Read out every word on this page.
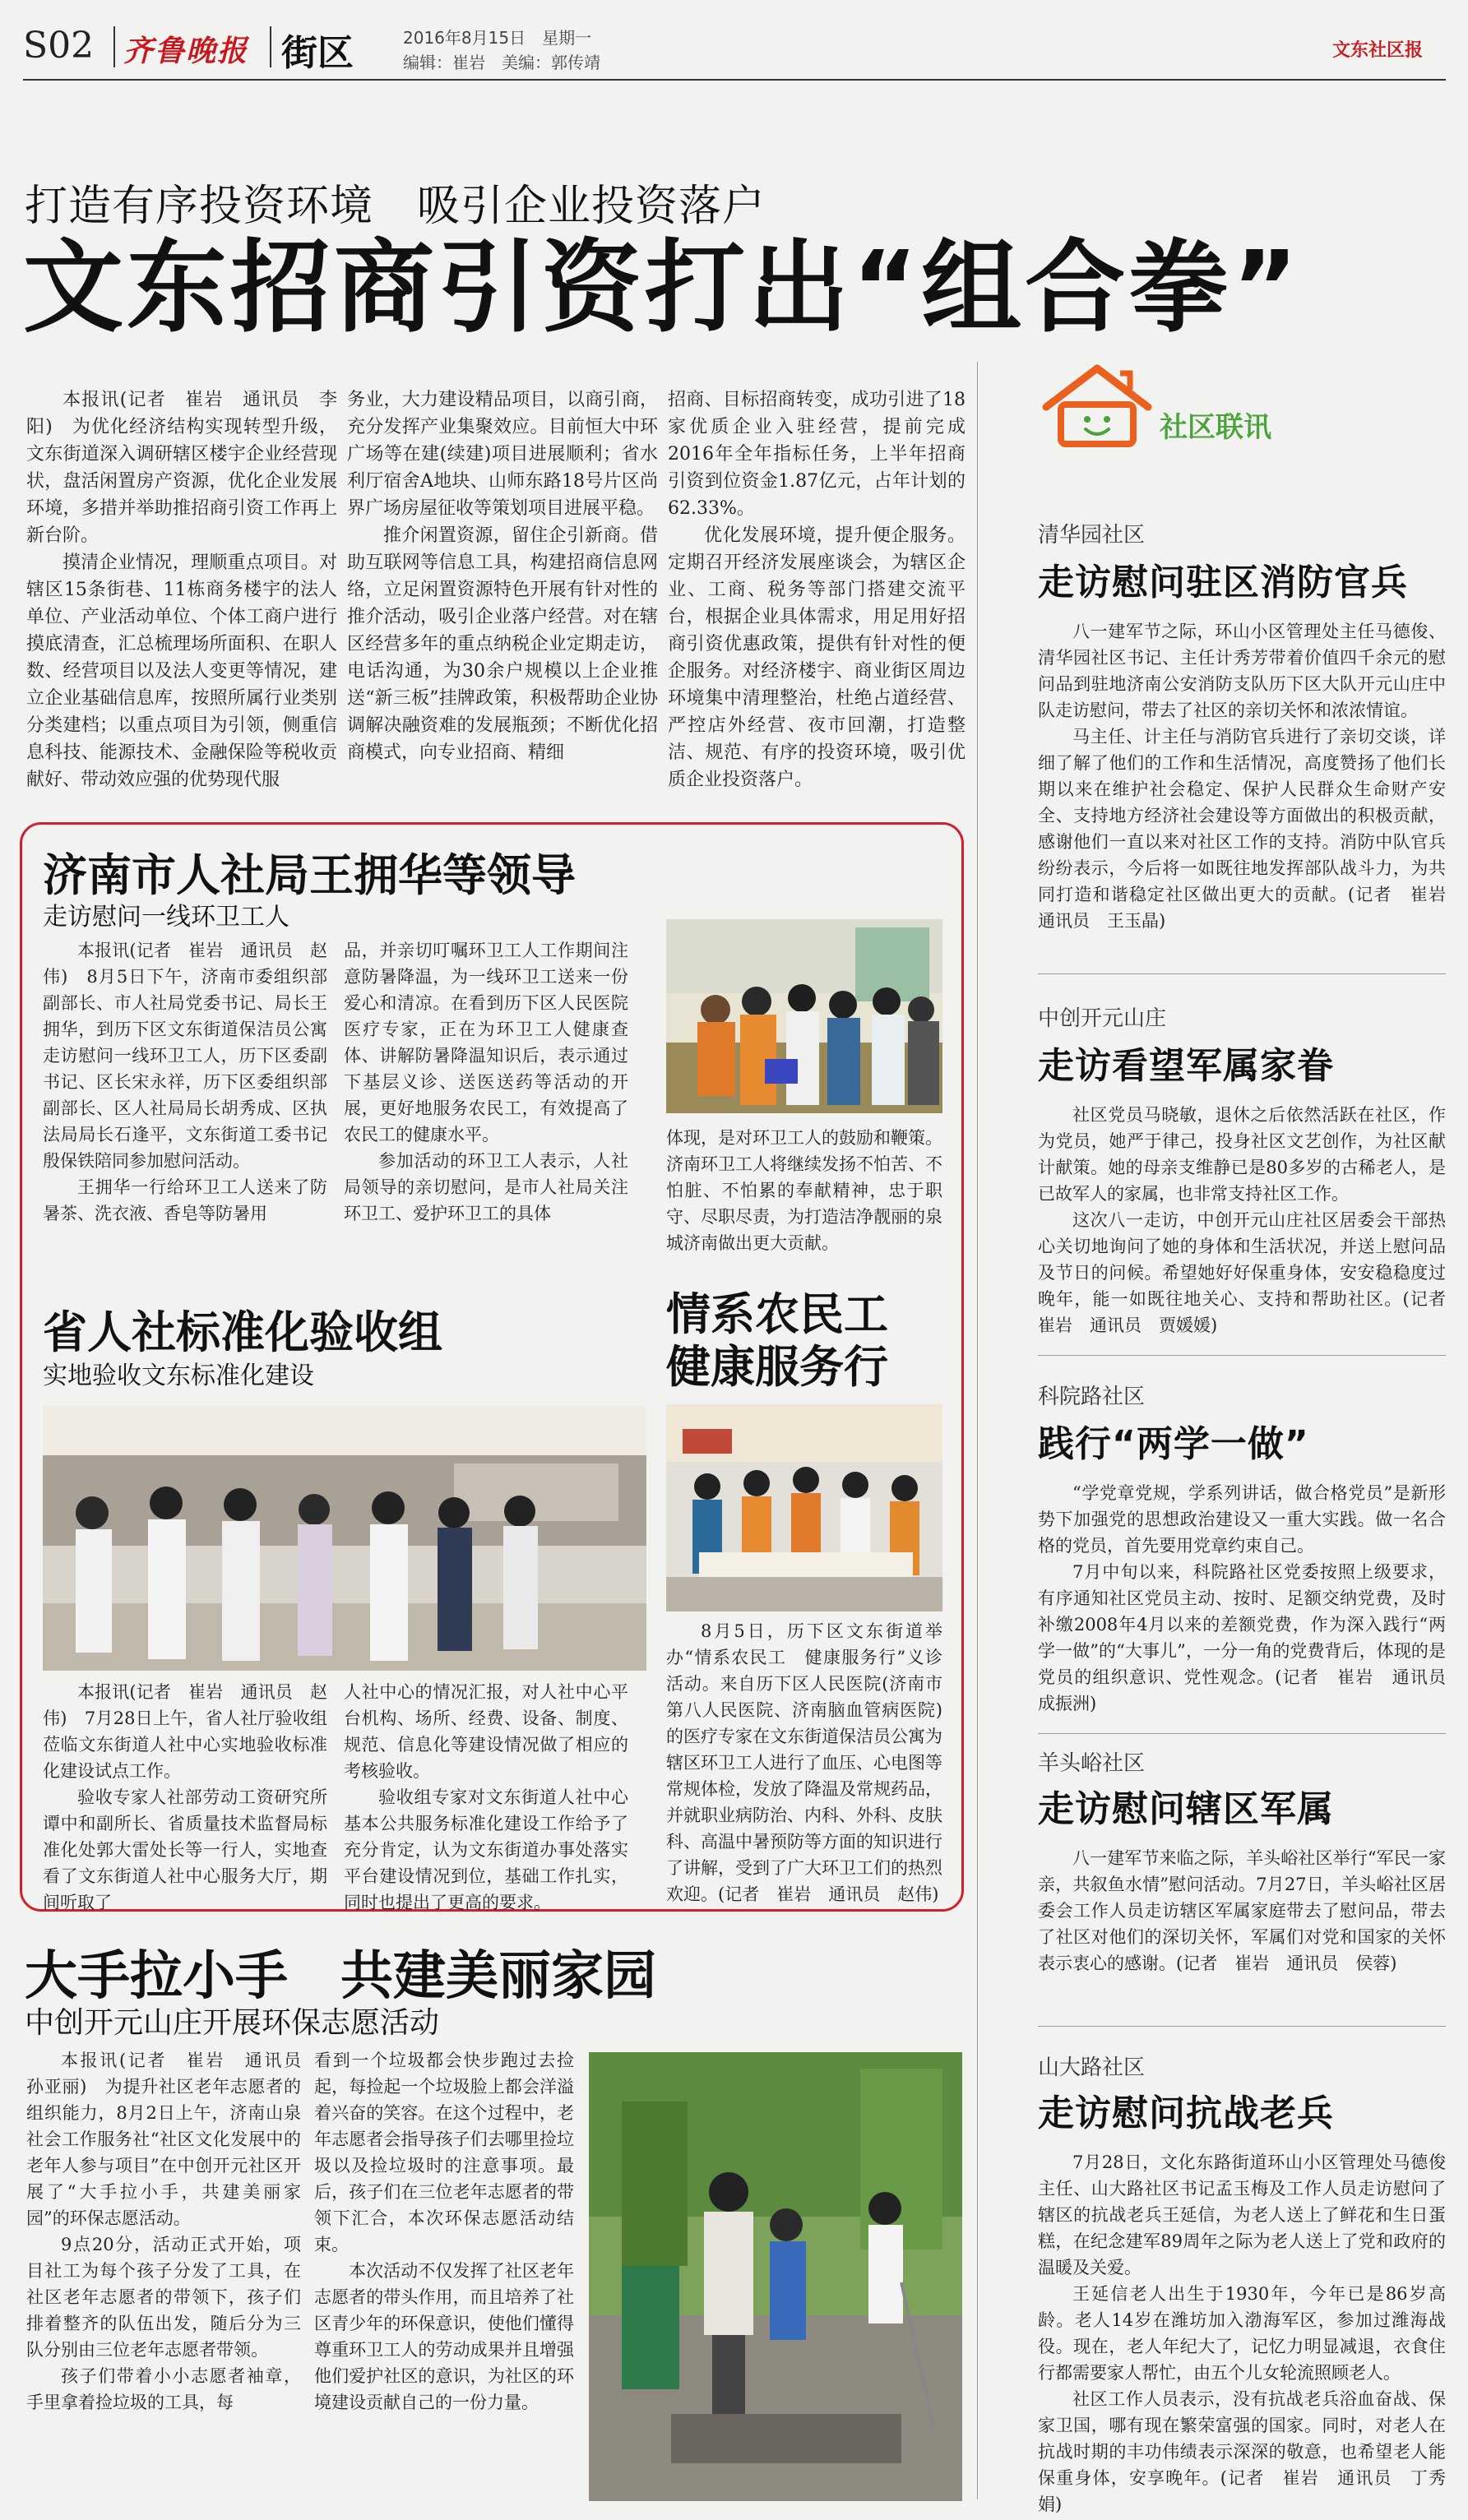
S02 齐鲁晚报 街区	2016年8月15日　星期一
编辑：崔岩　美编：郭传靖
文东社区报
打造有序投资环境　吸引企业投资落户
文东招商引资打出“组合拳”

本报讯(记者　崔岩　通讯员　李阳)　为优化经济结构实现转型升级，文东街道深入调研辖区楼宇企业经营现状，盘活闲置房产资源，优化企业发展环境，多措并举助推招商引资工作再上新台阶。

摸清企业情况，理顺重点项目。对辖区15条街巷、11栋商务楼宇的法人单位、产业活动单位、个体工商户进行摸底清查，汇总梳理场所面积、在职人数、经营项目以及法人变更等情况，建立企业基础信息库，按照所属行业类别分类建档；以重点项目为引领，侧重信息科技、能源技术、金融保险等税收贡献好、带动效应强的优势现代服

务业，大力建设精品项目，以商引商，充分发挥产业集聚效应。目前恒大中环广场等在建(续建)项目进展顺利；省水利厅宿舍A地块、山师东路18号片区尚界广场房屋征收等策划项目进展平稳。

推介闲置资源，留住企引新商。借助互联网等信息工具，构建招商信息网络，立足闲置资源特色开展有针对性的推介活动，吸引企业落户经营。对在辖区经营多年的重点纳税企业定期走访，电话沟通，为30余户规模以上企业推送“新三板”挂牌政策，积极帮助企业协调解决融资难的发展瓶颈；不断优化招商模式，向专业招商、精细

招商、目标招商转变，成功引进了18家优质企业入驻经营，提前完成2016年全年指标任务，上半年招商引资到位资金1.87亿元，占年计划的62.33%。

优化发展环境，提升便企服务。定期召开经济发展座谈会，为辖区企业、工商、税务等部门搭建交流平台，根据企业具体需求，用足用好招商引资优惠政策，提供有针对性的便企服务。对经济楼宇、商业街区周边环境集中清理整治，杜绝占道经营、严控店外经营、夜市回潮，打造整洁、规范、有序的投资环境，吸引优质企业投资落户。

济南市人社局王拥华等领导
走访慰问一线环卫工人

本报讯(记者　崔岩　通讯员　赵伟)　8月5日下午，济南市委组织部副部长、市人社局党委书记、局长王拥华，到历下区文东街道保洁员公寓走访慰问一线环卫工人，历下区委副书记、区长宋永祥，历下区委组织部副部长、区人社局局长胡秀成、区执法局局长石逢平，文东街道工委书记殷保铁陪同参加慰问活动。

王拥华一行给环卫工人送来了防暑茶、洗衣液、香皂等防暑用

品，并亲切叮嘱环卫工人工作期间注意防暑降温，为一线环卫工送来一份爱心和清凉。在看到历下区人民医院医疗专家，正在为环卫工人健康查体、讲解防暑降温知识后，表示通过下基层义诊、送医送药等活动的开展，更好地服务农民工，有效提高了农民工的健康水平。

参加活动的环卫工人表示，人社局领导的亲切慰问，是市人社局关注环卫工、爱护环卫工的具体

体现，是对环卫工人的鼓励和鞭策。济南环卫工人将继续发扬不怕苦、不怕脏、不怕累的奉献精神，忠于职守、尽职尽责，为打造洁净靓丽的泉城济南做出更大贡献。

省人社标准化验收组
实地验收文东标准化建设

本报讯(记者　崔岩　通讯员　赵伟)　7月28日上午，省人社厅验收组莅临文东街道人社中心实地验收标准化建设试点工作。

验收专家人社部劳动工资研究所谭中和副所长、省质量技术监督局标准化处郭大雷处长等一行人，实地查看了文东街道人社中心服务大厅，期间听取了

人社中心的情况汇报，对人社中心平台机构、场所、经费、设备、制度、规范、信息化等建设情况做了相应的考核验收。

验收组专家对文东街道人社中心基本公共服务标准化建设工作给予了充分肯定，认为文东街道办事处落实平台建设情况到位，基础工作扎实，同时也提出了更高的要求。

情系农民工
健康服务行

8月5日，历下区文东街道举办“情系农民工　健康服务行”义诊活动。来自历下区人民医院(济南市第八人民医院、济南脑血管病医院)的医疗专家在文东街道保洁员公寓为辖区环卫工人进行了血压、心电图等常规体检，发放了降温及常规药品，并就职业病防治、内科、外科、皮肤科、高温中暑预防等方面的知识进行了讲解，受到了广大环卫工们的热烈欢迎。(记者　崔岩　通讯员　赵伟)

大手拉小手　共建美丽家园
中创开元山庄开展环保志愿活动

本报讯(记者　崔岩　通讯员　孙亚丽)　为提升社区老年志愿者的组织能力，8月2日上午，济南山泉社会工作服务社“社区文化发展中的老年人参与项目”在中创开元社区开展了“大手拉小手，共建美丽家园”的环保志愿活动。

9点20分，活动正式开始，项目社工为每个孩子分发了工具，在社区老年志愿者的带领下，孩子们排着整齐的队伍出发，随后分为三队分别由三位老年志愿者带领。

孩子们带着小小志愿者袖章，手里拿着捡垃圾的工具，每

看到一个垃圾都会快步跑过去捡起，每捡起一个垃圾脸上都会洋溢着兴奋的笑容。在这个过程中，老年志愿者会指导孩子们去哪里捡垃圾以及捡垃圾时的注意事项。最后，孩子们在三位老年志愿者的带领下汇合，本次环保志愿活动结束。

本次活动不仅发挥了社区老年志愿者的带头作用，而且培养了社区青少年的环保意识，使他们懂得尊重环卫工人的劳动成果并且增强他们爱护社区的意识，为社区的环境建设贡献自己的一份力量。

社区联讯
清华园社区
走访慰问驻区消防官兵

八一建军节之际，环山小区管理处主任马德俊、清华园社区书记、主任计秀芳带着价值四千余元的慰问品到驻地济南公安消防支队历下区大队开元山庄中队走访慰问，带去了社区的亲切关怀和浓浓情谊。

马主任、计主任与消防官兵进行了亲切交谈，详细了解了他们的工作和生活情况，高度赞扬了他们长期以来在维护社会稳定、保护人民群众生命财产安全、支持地方经济社会建设等方面做出的积极贡献，感谢他们一直以来对社区工作的支持。消防中队官兵纷纷表示，今后将一如既往地发挥部队战斗力，为共同打造和谐稳定社区做出更大的贡献。(记者　崔岩　通讯员　王玉晶)

中创开元山庄
走访看望军属家眷

社区党员马晓敏，退休之后依然活跃在社区，作为党员，她严于律己，投身社区文艺创作，为社区献计献策。她的母亲支维静已是80多岁的古稀老人，是已故军人的家属，也非常支持社区工作。

这次八一走访，中创开元山庄社区居委会干部热心关切地询问了她的身体和生活状况，并送上慰问品及节日的问候。希望她好好保重身体，安安稳稳度过晚年，能一如既往地关心、支持和帮助社区。(记者　崔岩　通讯员　贾媛媛)

科院路社区
践行“两学一做”

“学党章党规，学系列讲话，做合格党员”是新形势下加强党的思想政治建设又一重大实践。做一名合格的党员，首先要用党章约束自己。

7月中旬以来，科院路社区党委按照上级要求，有序通知社区党员主动、按时、足额交纳党费，及时补缴2008年4月以来的差额党费，作为深入践行“两学一做”的“大事儿”，一分一角的党费背后，体现的是党员的组织意识、党性观念。(记者　崔岩　通讯员　成振洲)

羊头峪社区
走访慰问辖区军属

八一建军节来临之际，羊头峪社区举行“军民一家亲，共叙鱼水情”慰问活动。7月27日，羊头峪社区居委会工作人员走访辖区军属家庭带去了慰问品，带去了社区对他们的深切关怀，军属们对党和国家的关怀表示衷心的感谢。(记者　崔岩　通讯员　侯蓉)

山大路社区
走访慰问抗战老兵

7月28日，文化东路街道环山小区管理处马德俊主任、山大路社区书记孟玉梅及工作人员走访慰问了辖区的抗战老兵王延信，为老人送上了鲜花和生日蛋糕，在纪念建军89周年之际为老人送上了党和政府的温暖及关爱。

王延信老人出生于1930年，今年已是86岁高龄。老人14岁在潍坊加入渤海军区，参加过潍海战役。现在，老人年纪大了，记忆力明显减退，衣食住行都需要家人帮忙，由五个儿女轮流照顾老人。

社区工作人员表示，没有抗战老兵浴血奋战、保家卫国，哪有现在繁荣富强的国家。同时，对老人在抗战时期的丰功伟绩表示深深的敬意，也希望老人能保重身体，安享晚年。(记者　崔岩　通讯员　丁秀娟)
